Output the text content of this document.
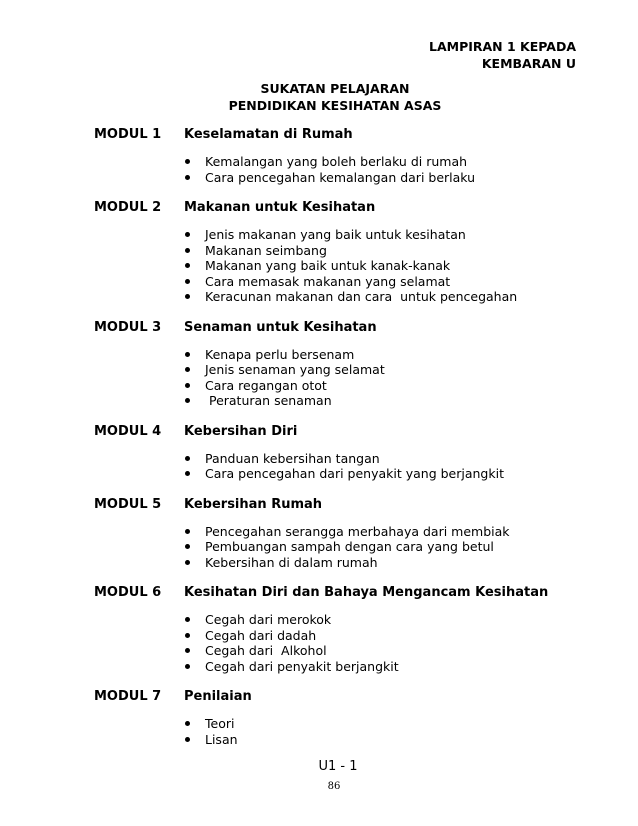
LAMPIRAN 1 KEPADA
KEMBARAN U
SUKATAN PELAJARAN
PENDIDIKAN KESIHATAN ASAS
MODUL 1	Keselamatan di Rumah
Kemalangan yang boleh berlaku di rumah
Cara pencegahan kemalangan dari berlaku
MODUL 2	Makanan untuk Kesihatan
Jenis makanan yang baik untuk kesihatan
Makanan seimbang
Makanan yang baik untuk kanak-kanak
Cara memasak makanan yang selamat
Keracunan makanan dan cara  untuk pencegahan
MODUL 3	Senaman untuk Kesihatan
Kenapa perlu bersenam
Jenis senaman yang selamat
Cara regangan otot
Peraturan senaman
MODUL 4	Kebersihan Diri
Panduan kebersihan tangan
Cara pencegahan dari penyakit yang berjangkit
MODUL 5	Kebersihan Rumah
Pencegahan serangga merbahaya dari membiak
Pembuangan sampah dengan cara yang betul
Kebersihan di dalam rumah
MODUL 6	Kesihatan Diri dan Bahaya Mengancam Kesihatan
Cegah dari merokok
Cegah dari dadah
Cegah dari  Alkohol
Cegah dari penyakit berjangkit
MODUL 7	Penilaian
Teori
Lisan
U1 - 1
86
